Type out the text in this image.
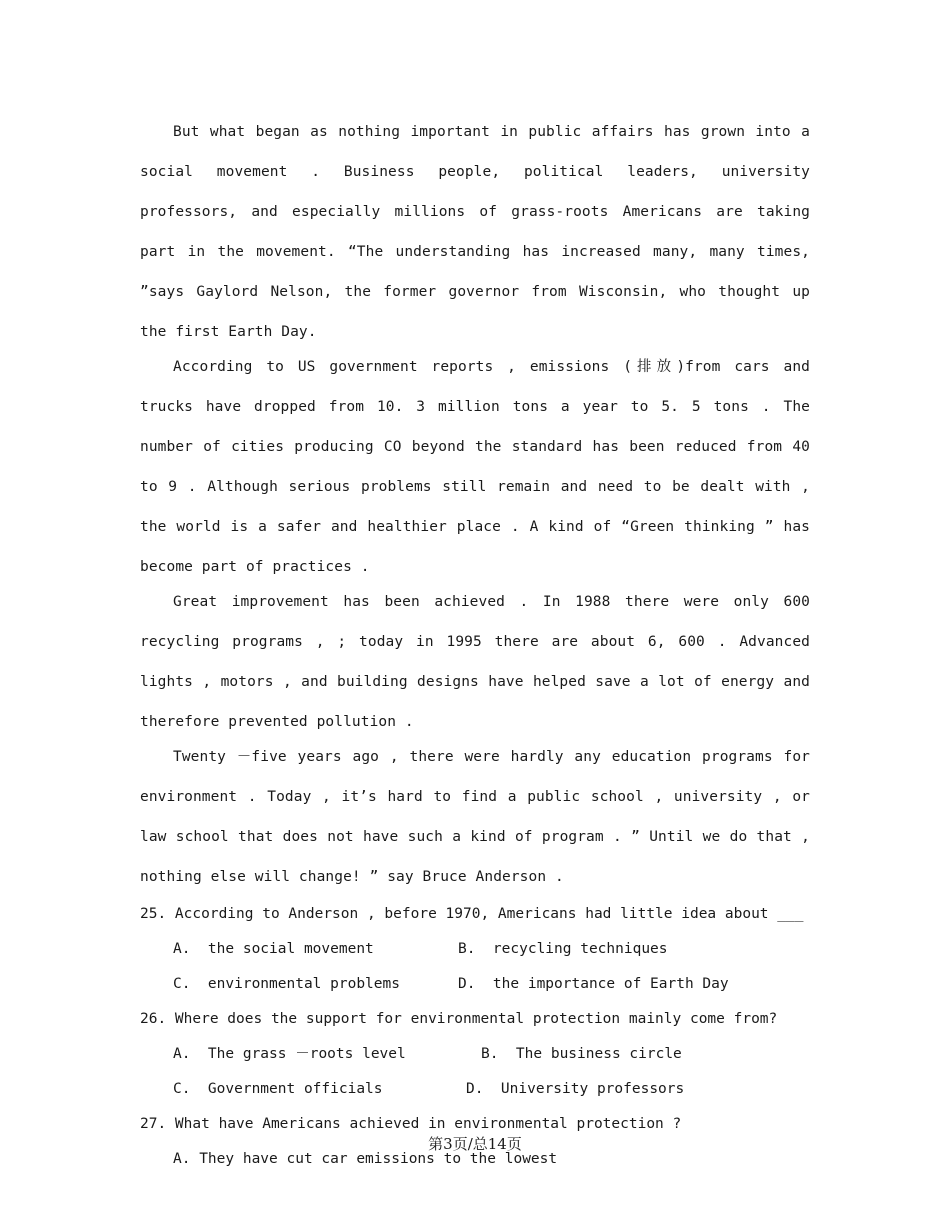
But what began as nothing important in public affairs has grown into a social movement . Business people, political leaders, university professors, and especially millions of grass-roots Americans are taking part in the movement. “The understanding has increased many, many times, ”says Gaylord Nelson, the former governor from Wisconsin, who thought up the first Earth Day.

According to US government reports , emissions (排放)from cars and trucks have dropped from 10. 3 million tons a year to 5. 5 tons . The number of cities producing CO beyond the standard has been reduced from 40 to 9 . Although serious problems still remain and need to be dealt with , the world is a safer and healthier place . A kind of “Green thinking ” has become part of practices .

Great improvement has been achieved . In 1988 there were only 600 recycling programs , ; today in 1995 there are about 6, 600 . Advanced lights , motors , and building designs have helped save a lot of energy and therefore prevented pollution .

Twenty －five years ago , there were hardly any education programs for environment . Today , it’s hard to find a public school , university , or law school that does not have such a kind of program . ” Until we do that , nothing else will change! ” say Bruce Anderson .

25. According to Anderson , before 1970, Americans had little idea about ___

A.  the social movement	B.  recycling techniques
C.  environmental problems	D.  the importance of Earth Day

26. Where does the support for environmental protection mainly come from?

A.  The grass －roots level	B.  The business circle
C.  Government officials	D.  University professors

27. What have Americans achieved in environmental protection ?

A. They have cut car emissions to the lowest

第3页/总14页
